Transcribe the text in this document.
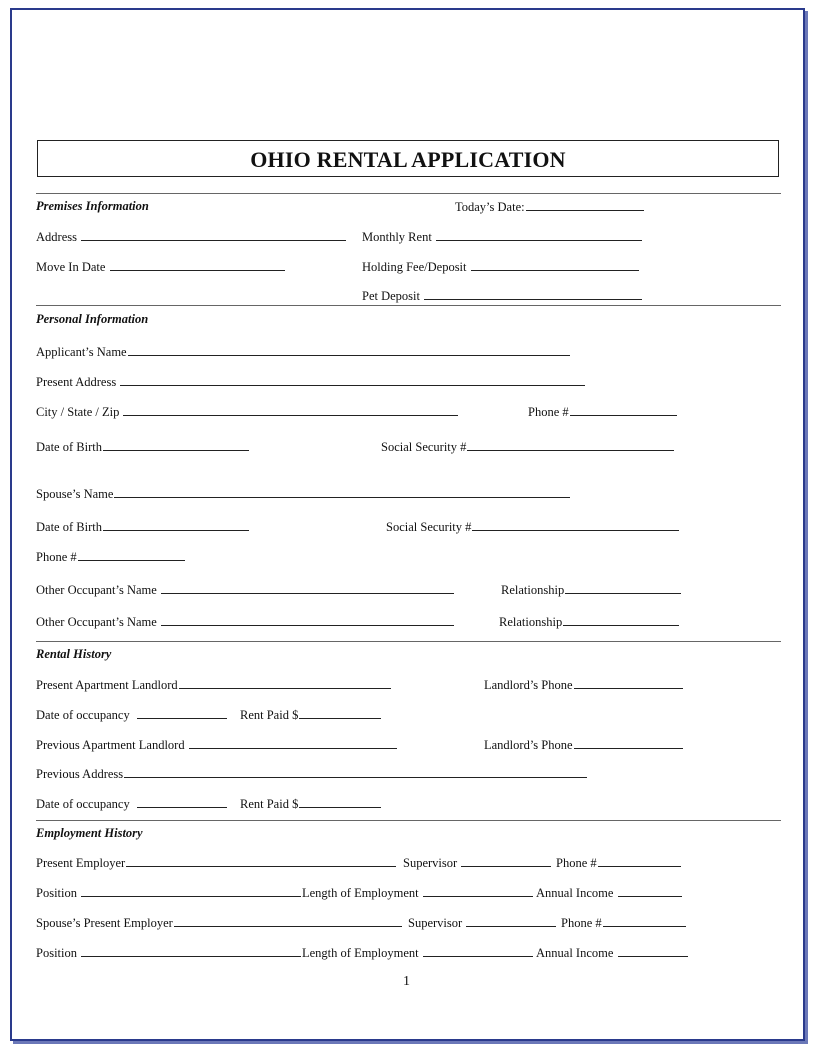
OHIO RENTAL APPLICATION
Premises Information	Today’s Date:
Address	Monthly Rent
Move In Date	Holding Fee/Deposit
Pet Deposit
Personal Information
Applicant’s Name
Present Address
City / State / Zip	Phone #
Date of Birth	Social Security #
Spouse’s Name
Date of Birth	Social Security #
Phone #
Other Occupant’s Name	Relationship
Other Occupant’s Name	Relationship
Rental History
Present Apartment Landlord	Landlord’s Phone
Date of occupancy	Rent Paid $
Previous Apartment Landlord	Landlord’s Phone
Previous Address
Date of occupancy	Rent Paid $
Employment History
Present Employer	Supervisor	Phone #
Position	Length of Employment	Annual Income
Spouse’s Present Employer	Supervisor	Phone #
Position	Length of Employment	Annual Income
1
